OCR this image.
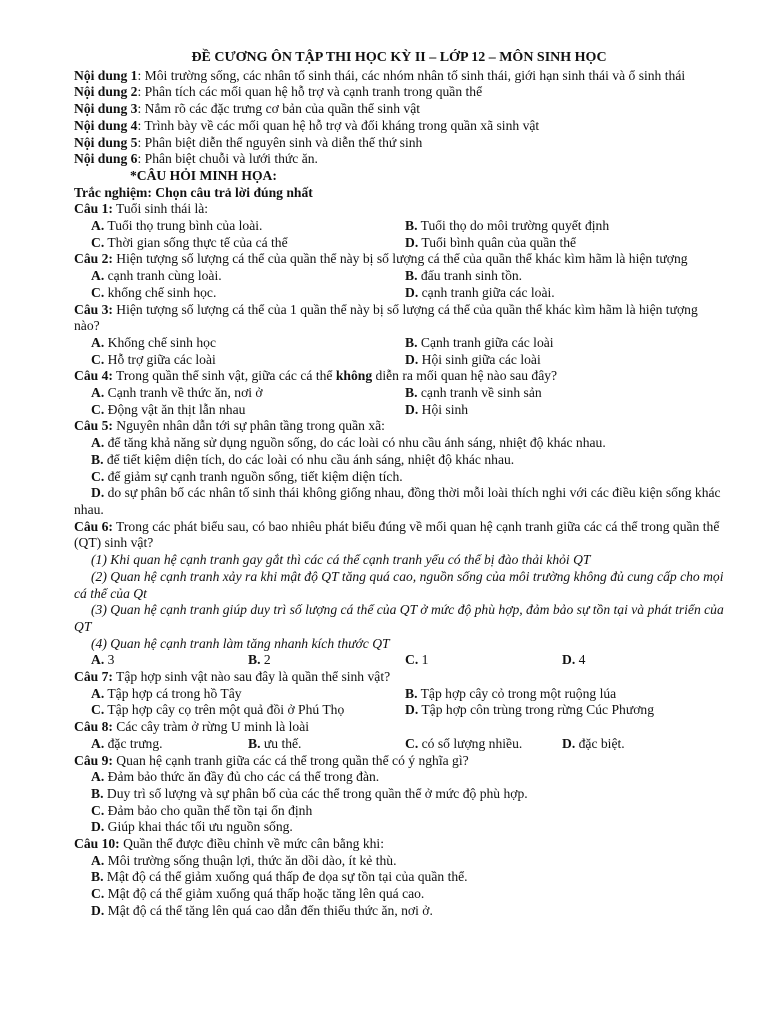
ĐỀ CƯƠNG ÔN TẬP THI HỌC KỲ II – LỚP 12 – MÔN SINH HỌC

Nội dung 1: Môi trường sống, các nhân tố sinh thái, các nhóm nhân tố sinh thái, giới hạn sinh thái và ổ sinh thái

Nội dung 2: Phân tích các mối quan hệ hỗ trợ và cạnh tranh trong quần thể

Nội dung 3: Nắm rõ các đặc trưng cơ bản của quần thể sinh vật

Nội dung 4: Trình bày về các mối quan hệ hỗ trợ và đối kháng trong quần xã sinh vật

Nội dung 5: Phân biệt diễn thế nguyên sinh và diễn thế thứ sinh

Nội dung 6: Phân biệt chuỗi và lưới thức ăn.

*CÂU HỎI MINH HỌA:

Trắc nghiệm: Chọn câu trả lời đúng nhất

Câu 1: Tuổi sinh thái là:

A. Tuổi thọ trung bình của loài.	B. Tuổi thọ do môi trường quyết định
C. Thời gian sống thực tế của cá thể	D. Tuổi bình quân của quần thể

Câu 2: Hiện tượng số lượng cá thể của quần thể này bị số lượng cá thể của quần thể khác kìm hãm là hiện tượng

A. cạnh tranh cùng loài.	B. đấu tranh sinh tồn.
C. khống chế sinh học.	D. cạnh tranh giữa các loài.

Câu 3: Hiện tượng số lượng cá thể của 1 quần thể này bị số lượng cá thể của quần thể khác kìm hãm là hiện tượng nào?

A. Khống chế sinh học	B. Cạnh tranh giữa các loài
C. Hỗ trợ giữa các loài	D. Hội sinh giữa các loài

Câu 4: Trong quần thể sinh vật, giữa các cá thể không diễn ra mối quan hệ nào sau đây?

A. Cạnh tranh về thức ăn, nơi ở	B. cạnh tranh về sinh sản
C. Động vật ăn thịt lẫn nhau	D. Hội sinh

Câu 5: Nguyên nhân dẫn tới sự phân tầng trong quần xã:

A. để tăng khả năng sử dụng nguồn sống, do các loài có nhu cầu ánh sáng, nhiệt độ khác nhau.

B. để tiết kiệm diện tích, do các loài có nhu cầu ánh sáng, nhiệt độ khác nhau.

C. để giảm sự cạnh tranh nguồn sống, tiết kiệm diện tích.

D. do sự phân bố các nhân tố sinh thái không giống nhau, đồng thời mỗi loài thích nghi với các điều kiện sống khác nhau.

Câu 6: Trong các phát biểu sau, có bao nhiêu phát biểu đúng về mối quan hệ cạnh tranh giữa các cá thể trong quần thể (QT) sinh vật?

(1) Khi quan hệ cạnh tranh gay gắt thì các cá thể cạnh tranh yếu có thể bị đào thải khỏi QT

(2) Quan hệ cạnh tranh xảy ra khi mật độ QT tăng quá cao, nguồn sống của môi trường không đủ cung cấp cho mọi cá thể của Qt

(3) Quan hệ cạnh tranh giúp duy trì số lượng cá thể của QT ở mức độ phù hợp, đảm bảo sự tồn tại và phát triển của QT

(4) Quan hệ cạnh tranh làm tăng nhanh kích thước QT

A. 3	B. 2	C. 1	D. 4

Câu 7: Tập hợp sinh vật nào sau đây là quần thể sinh vật?

A. Tập hợp cá trong hồ Tây	B. Tập hợp cây cỏ trong một ruộng lúa
C. Tập hợp cây cọ trên một quả đồi ở Phú Thọ	D. Tập hợp côn trùng trong rừng Cúc Phương

Câu 8: Các cây tràm ở rừng U minh là loài

A. đặc trưng.	B. ưu thế.	C. có số lượng nhiều.	D. đặc biệt.

Câu 9: Quan hệ cạnh tranh giữa các cá thể trong quần thể có ý nghĩa gì?

A. Đảm bảo thức ăn đầy đủ cho các cá thể trong đàn.

B. Duy trì số lượng và sự phân bố của các thể trong quần thể ở mức độ phù hợp.

C. Đảm bảo cho quần thể tồn tại ổn định

D. Giúp khai thác tối ưu nguồn sống.

Câu 10: Quần thể được điều chỉnh về mức cân bằng khi:

A. Môi trường sống thuận lợi, thức ăn dồi dào, ít kẻ thù.

B. Mật độ cá thể giảm xuống quá thấp đe dọa sự tồn tại của quần thể.

C. Mật độ cá thể giảm xuống quá thấp hoặc tăng lên quá cao.

D. Mật độ cá thể tăng lên quá cao dẫn đến thiếu thức ăn, nơi ở.
